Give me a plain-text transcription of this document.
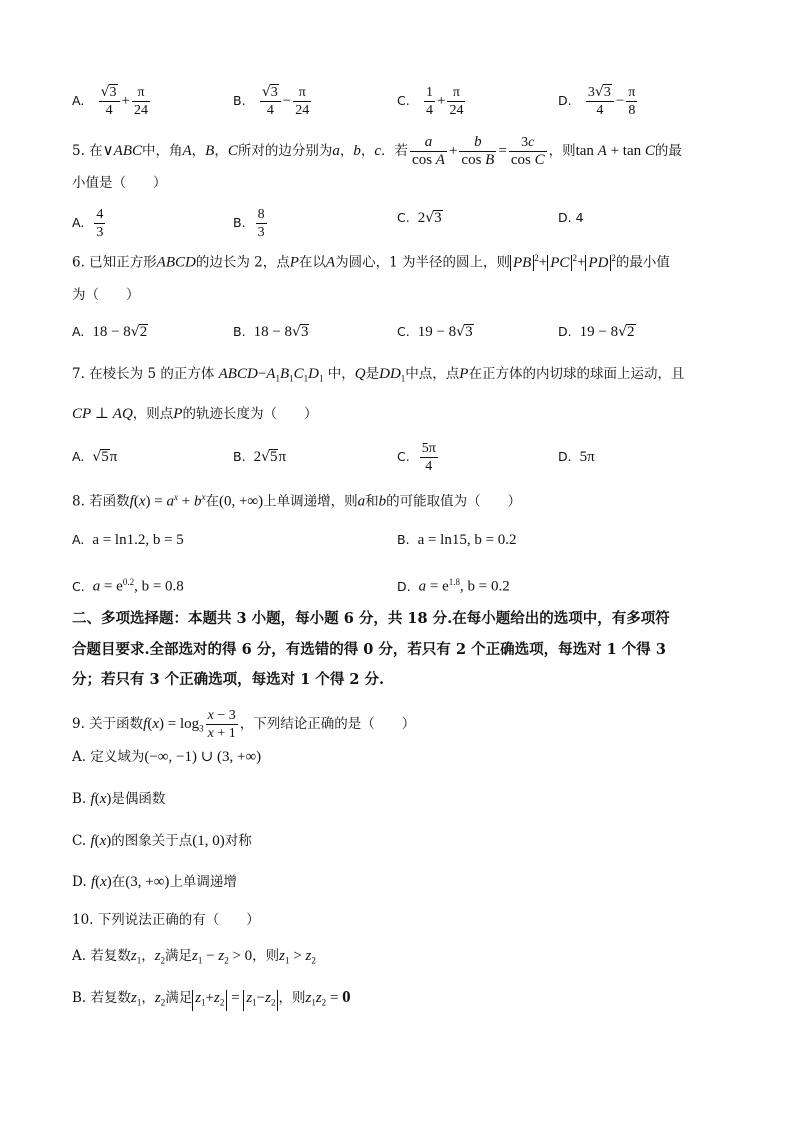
A. $\frac{√3}{4} + \frac{\pi}{24}$	B. $\frac{√3}{4} - \frac{\pi}{24}$	C. $\frac{1}{4} + \frac{\pi}{24}$	D. $\frac{3√3}{4} - \frac{\pi}{8}$
5. 在∨ABC中，角A，B，C所对的边分别为a，b，c．若 $\frac{a}{\text{cos A}} + \frac{b}{\text{cos B}} = \frac{3c}{\text{cos C}}$ ，则tan A + tan C的最
小值是（　　）
A. $\frac{4}{3}$	B. $\frac{8}{3}$	C. 2√3	D. 4
6. 已知正方形ABCD的边长为 2，点P在以A为圆心，1 为半径的圆上，则 PB $^2$+ PC $^2$+ PD $^2$的最小值
为（　　）
A. 18 − 8√2	B. 18 − 8√3	C. 19 − 8√3	D. 19 − 8√2
7. 在棱长为 5 的正方体 $ABCD-A_1B_1C_1D_1$ 中，Q是$DD_1$中点，点P在正方体的内切球的球面上运动，且
CP ⊥ AQ，则点P的轨迹长度为（　　）
A. √5π	B. 2√5π	C. $\frac{5\pi}{4}$	D. 5π
8. 若函数$f(x) = a^x + b^x$在(0, +∞)上单调递增，则a和b的可能取值为（　　）
A. a = ln1.2, b = 5	B. a = ln15, b = 0.2
C. $a = e^{0.2}$, b = 0.8	D. $a = e^{1.8}$, b = 0.2
二、多项选择题：本题共 3 小题，每小题 6 分，共 18 分.在每小题给出的选项中，有多项符
合题目要求.全部选对的得 6 分，有选错的得 0 分，若只有 2 个正确选项，每选对 1 个得 3
分；若只有 3 个正确选项，每选对 1 个得 2 分.
9. 关于函数$f(x) = \log_3 \frac{x - 3}{x + 1}$ ，下列结论正确的是（　　）
A. 定义域为(−∞, −1) ∪ (3, +∞)
B. f(x)是偶函数
C. f(x)的图象关于点(1, 0)对称
D. f(x)在(3, +∞)上单调递增
10. 下列说法正确的有（　　）
A. 若复数$z_1$，$z_2$满足$z_1 - z_2 > 0$，则$z_1 > z_2$
B. 若复数$z_1$，$z_2$满足 $z_1+z_2 = z_1-z_2$ ，则$z_1z_2 = 0$
